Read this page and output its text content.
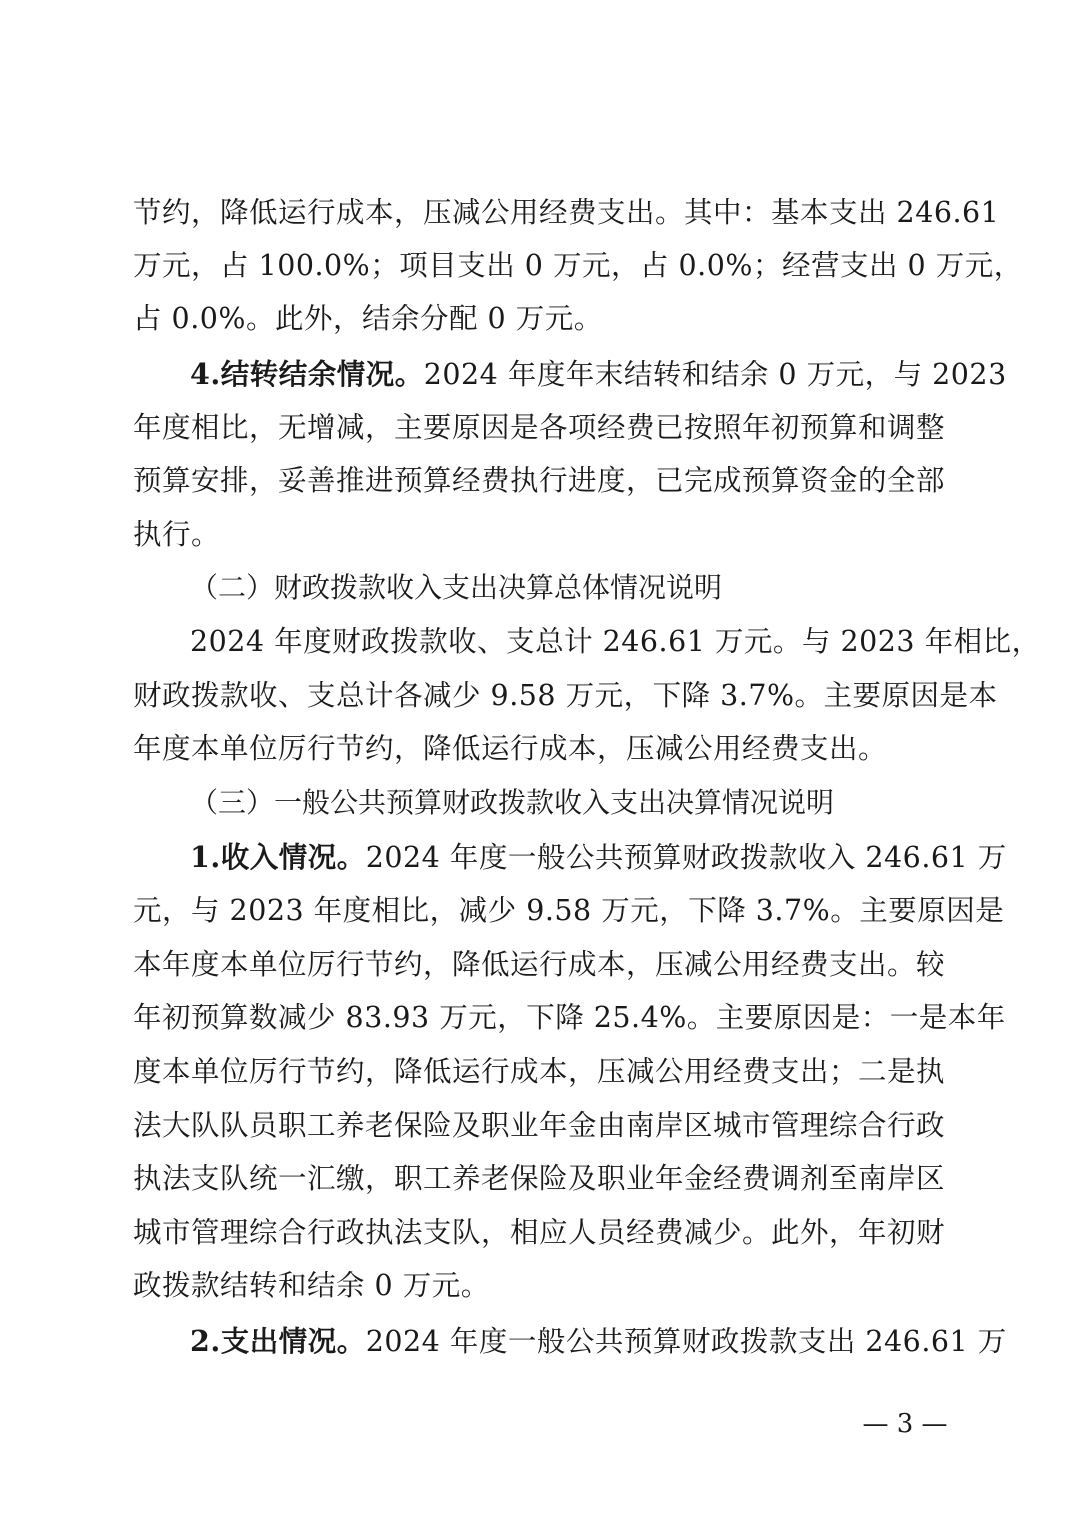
节约，降低运行成本，压减公用经费支出。其中：基本支出 246.61
万元，占 100.0%；项目支出 0 万元，占 0.0%；经营支出 0 万元，
占 0.0%。此外，结余分配 0 万元。
4.结转结余情况。2024 年度年末结转和结余 0 万元，与 2023
年度相比，无增减，主要原因是各项经费已按照年初预算和调整
预算安排，妥善推进预算经费执行进度，已完成预算资金的全部
执行。
（二）财政拨款收入支出决算总体情况说明
2024 年度财政拨款收、支总计 246.61 万元。与 2023 年相比，
财政拨款收、支总计各减少 9.58 万元，下降 3.7%。主要原因是本
年度本单位厉行节约，降低运行成本，压减公用经费支出。
（三）一般公共预算财政拨款收入支出决算情况说明
1.收入情况。2024 年度一般公共预算财政拨款收入 246.61 万
元，与 2023 年度相比，减少 9.58 万元，下降 3.7%。主要原因是
本年度本单位厉行节约，降低运行成本，压减公用经费支出。较
年初预算数减少 83.93 万元，下降 25.4%。主要原因是：一是本年
度本单位厉行节约，降低运行成本，压减公用经费支出；二是执
法大队队员职工养老保险及职业年金由南岸区城市管理综合行政
执法支队统一汇缴，职工养老保险及职业年金经费调剂至南岸区
城市管理综合行政执法支队，相应人员经费减少。此外，年初财
政拨款结转和结余 0 万元。
2.支出情况。2024 年度一般公共预算财政拨款支出 246.61 万
— 3 —
